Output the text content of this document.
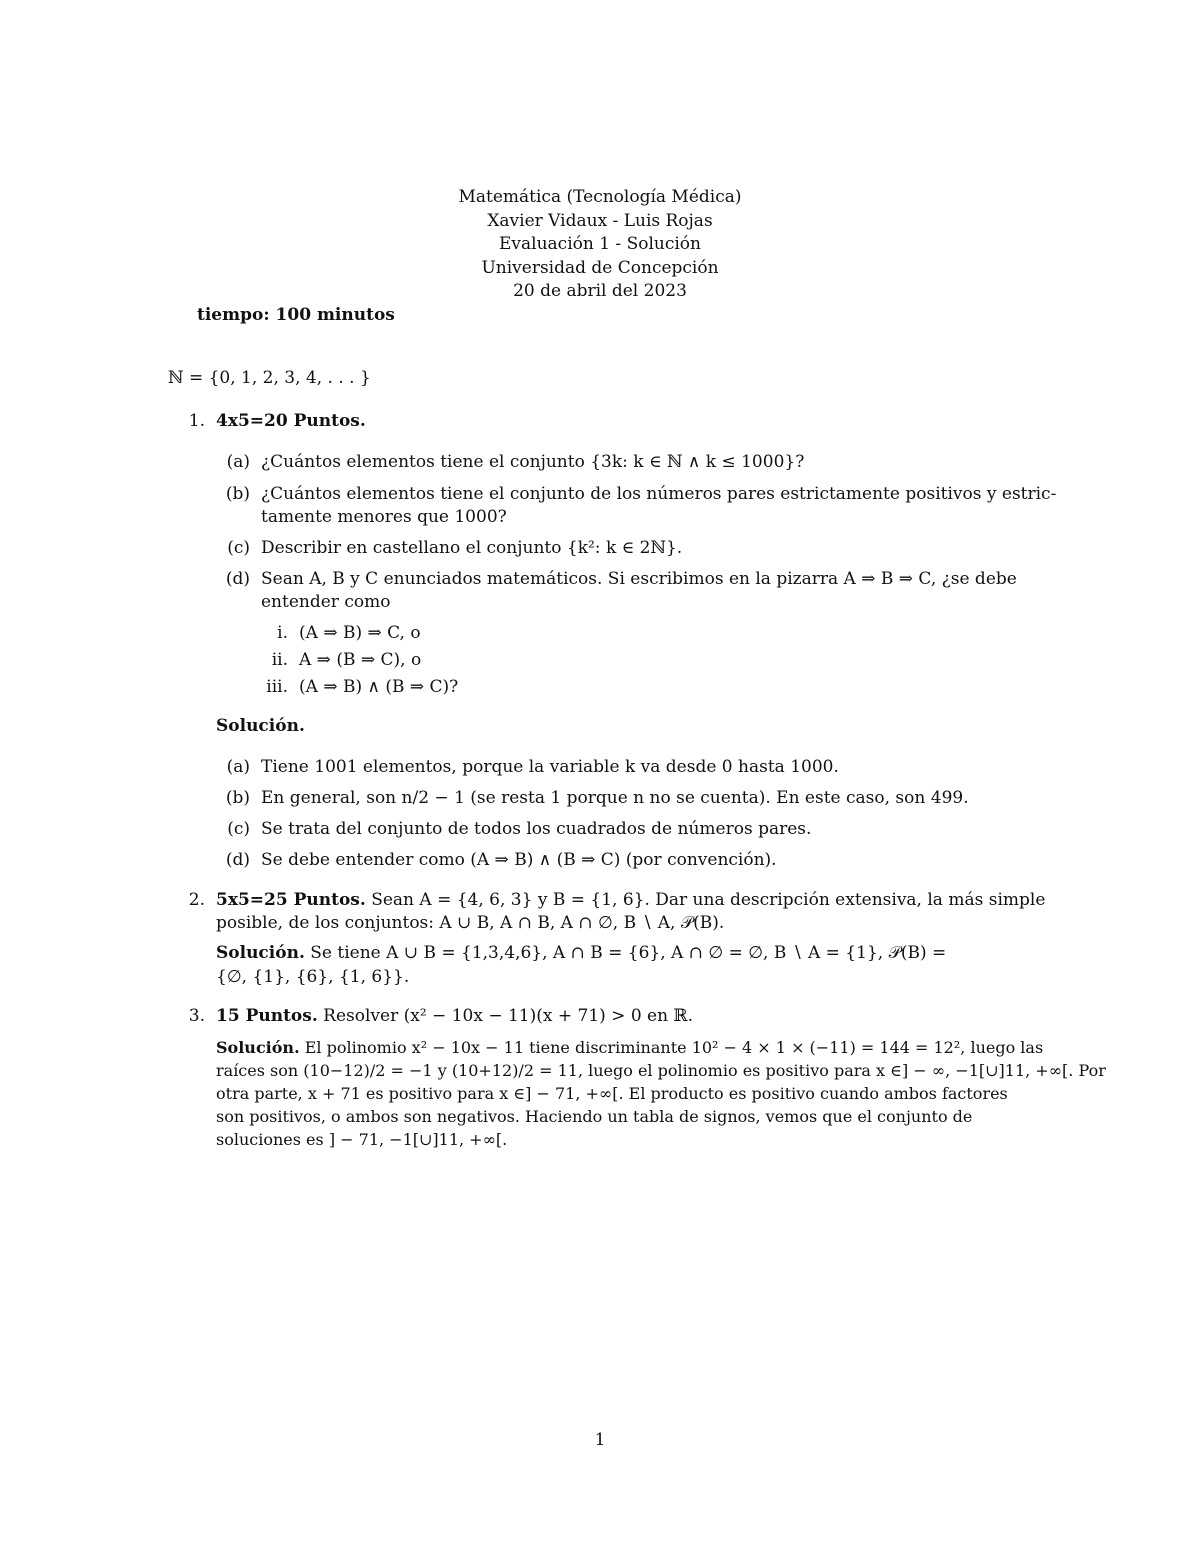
Matemática (Tecnología Médica)
Xavier Vidaux - Luis Rojas
Evaluación 1 - Solución
Universidad de Concepción
20 de abril del 2023
tiempo: 100 minutos
ℕ = {0, 1, 2, 3, 4, . . . }
1. 4x5=20 Puntos.
(a) ¿Cuántos elementos tiene el conjunto {3k: k ∈ ℕ ∧ k ≤ 1000}?
(b) ¿Cuántos elementos tiene el conjunto de los números pares estrictamente positivos y estric-
tamente menores que 1000?
(c) Describir en castellano el conjunto {k²: k ∈ 2ℕ}.
(d) Sean A, B y C enunciados matemáticos. Si escribimos en la pizarra A ⇒ B ⇒ C, ¿se debe
entender como
i. (A ⇒ B) ⇒ C, o
ii. A ⇒ (B ⇒ C), o
iii. (A ⇒ B) ∧ (B ⇒ C)?
Solución.
(a) Tiene 1001 elementos, porque la variable k va desde 0 hasta 1000.
(b) En general, son n/2 − 1 (se resta 1 porque n no se cuenta). En este caso, son 499.
(c) Se trata del conjunto de todos los cuadrados de números pares.
(d) Se debe entender como (A ⇒ B) ∧ (B ⇒ C) (por convención).
2. 5x5=25 Puntos. Sean A = {4, 6, 3} y B = {1, 6}. Dar una descripción extensiva, la más simple
posible, de los conjuntos: A ∪ B, A ∩ B, A ∩ ∅, B ∖ A, 𝒫(B).
Solución. Se tiene A ∪ B = {1,3,4,6}, A ∩ B = {6}, A ∩ ∅ = ∅, B ∖ A = {1}, 𝒫(B) =
{∅, {1}, {6}, {1, 6}}.
3. 15 Puntos. Resolver (x² − 10x − 11)(x + 71) > 0 en ℝ.
Solución. El polinomio x² − 10x − 11 tiene discriminante 10² − 4 × 1 × (−11) = 144 = 12², luego las
raíces son (10−12)/2 = −1 y (10+12)/2 = 11, luego el polinomio es positivo para x ∈] − ∞, −1[∪]11, +∞[. Por
otra parte, x + 71 es positivo para x ∈] − 71, +∞[. El producto es positivo cuando ambos factores
son positivos, o ambos son negativos. Haciendo un tabla de signos, vemos que el conjunto de
soluciones es ] − 71, −1[∪]11, +∞[.
1
